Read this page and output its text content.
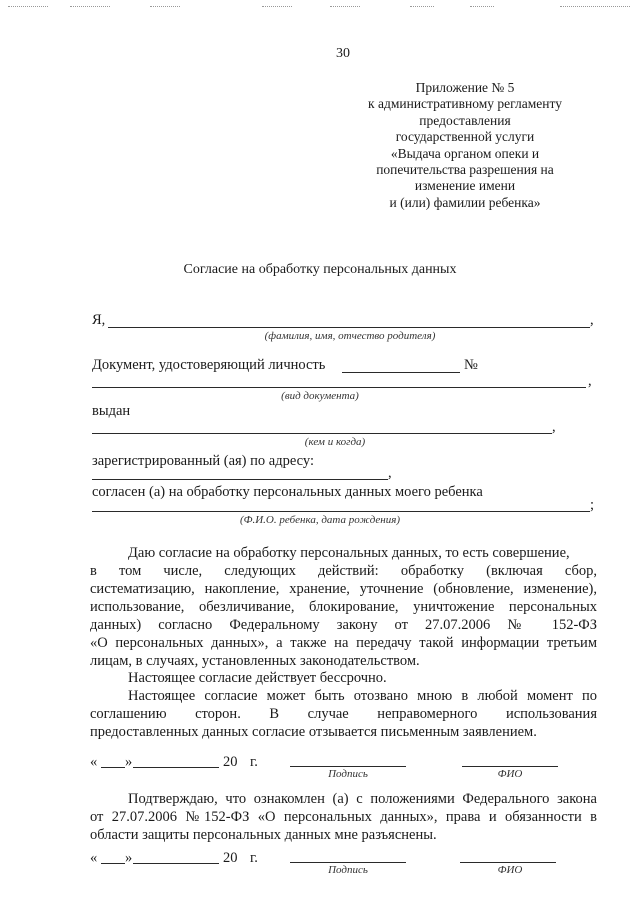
30
Приложение № 5
к административному регламенту
предоставления
государственной услуги
«Выдача органом опеки и
попечительства разрешения на
изменение имени
и (или) фамилии ребенка»
Согласие на обработку персональных данных
Я,	,
(фамилия, имя, отчество родителя)
Документ, удостоверяющий личность	№
,
(вид документа)
выдан
,
(кем и когда)
зарегистрированный (ая) по адресу:
,
согласен (а) на обработку персональных данных моего ребенка
;
(Ф.И.О. ребенка, дата рождения)
Даю согласие на обработку персональных данных, то есть совершение,
в том числе, следующих действий: обработку (включая сбор,
систематизацию, накопление, хранение, уточнение (обновление, изменение),
использование, обезличивание, блокирование, уничтожение персональных
данных) согласно Федеральному закону от 27.07.2006 № 152-ФЗ
«О персональных данных», а также на передачу такой информации третьим
лицам, в случаях, установленных законодательством.
Настоящее согласие действует бессрочно.
Настоящее согласие может быть отозвано мною в любой момент по
соглашению сторон. В случае неправомерного использования
предоставленных данных согласие отзывается письменным заявлением.
« »	20 г.
Подпись	ФИО
Подтверждаю, что ознакомлен (а) с положениями Федерального закона
от 27.07.2006 №152-ФЗ «О персональных данных», права и обязанности в
области защиты персональных данных мне разъяснены.
« »	20 г.
Подпись	ФИО
